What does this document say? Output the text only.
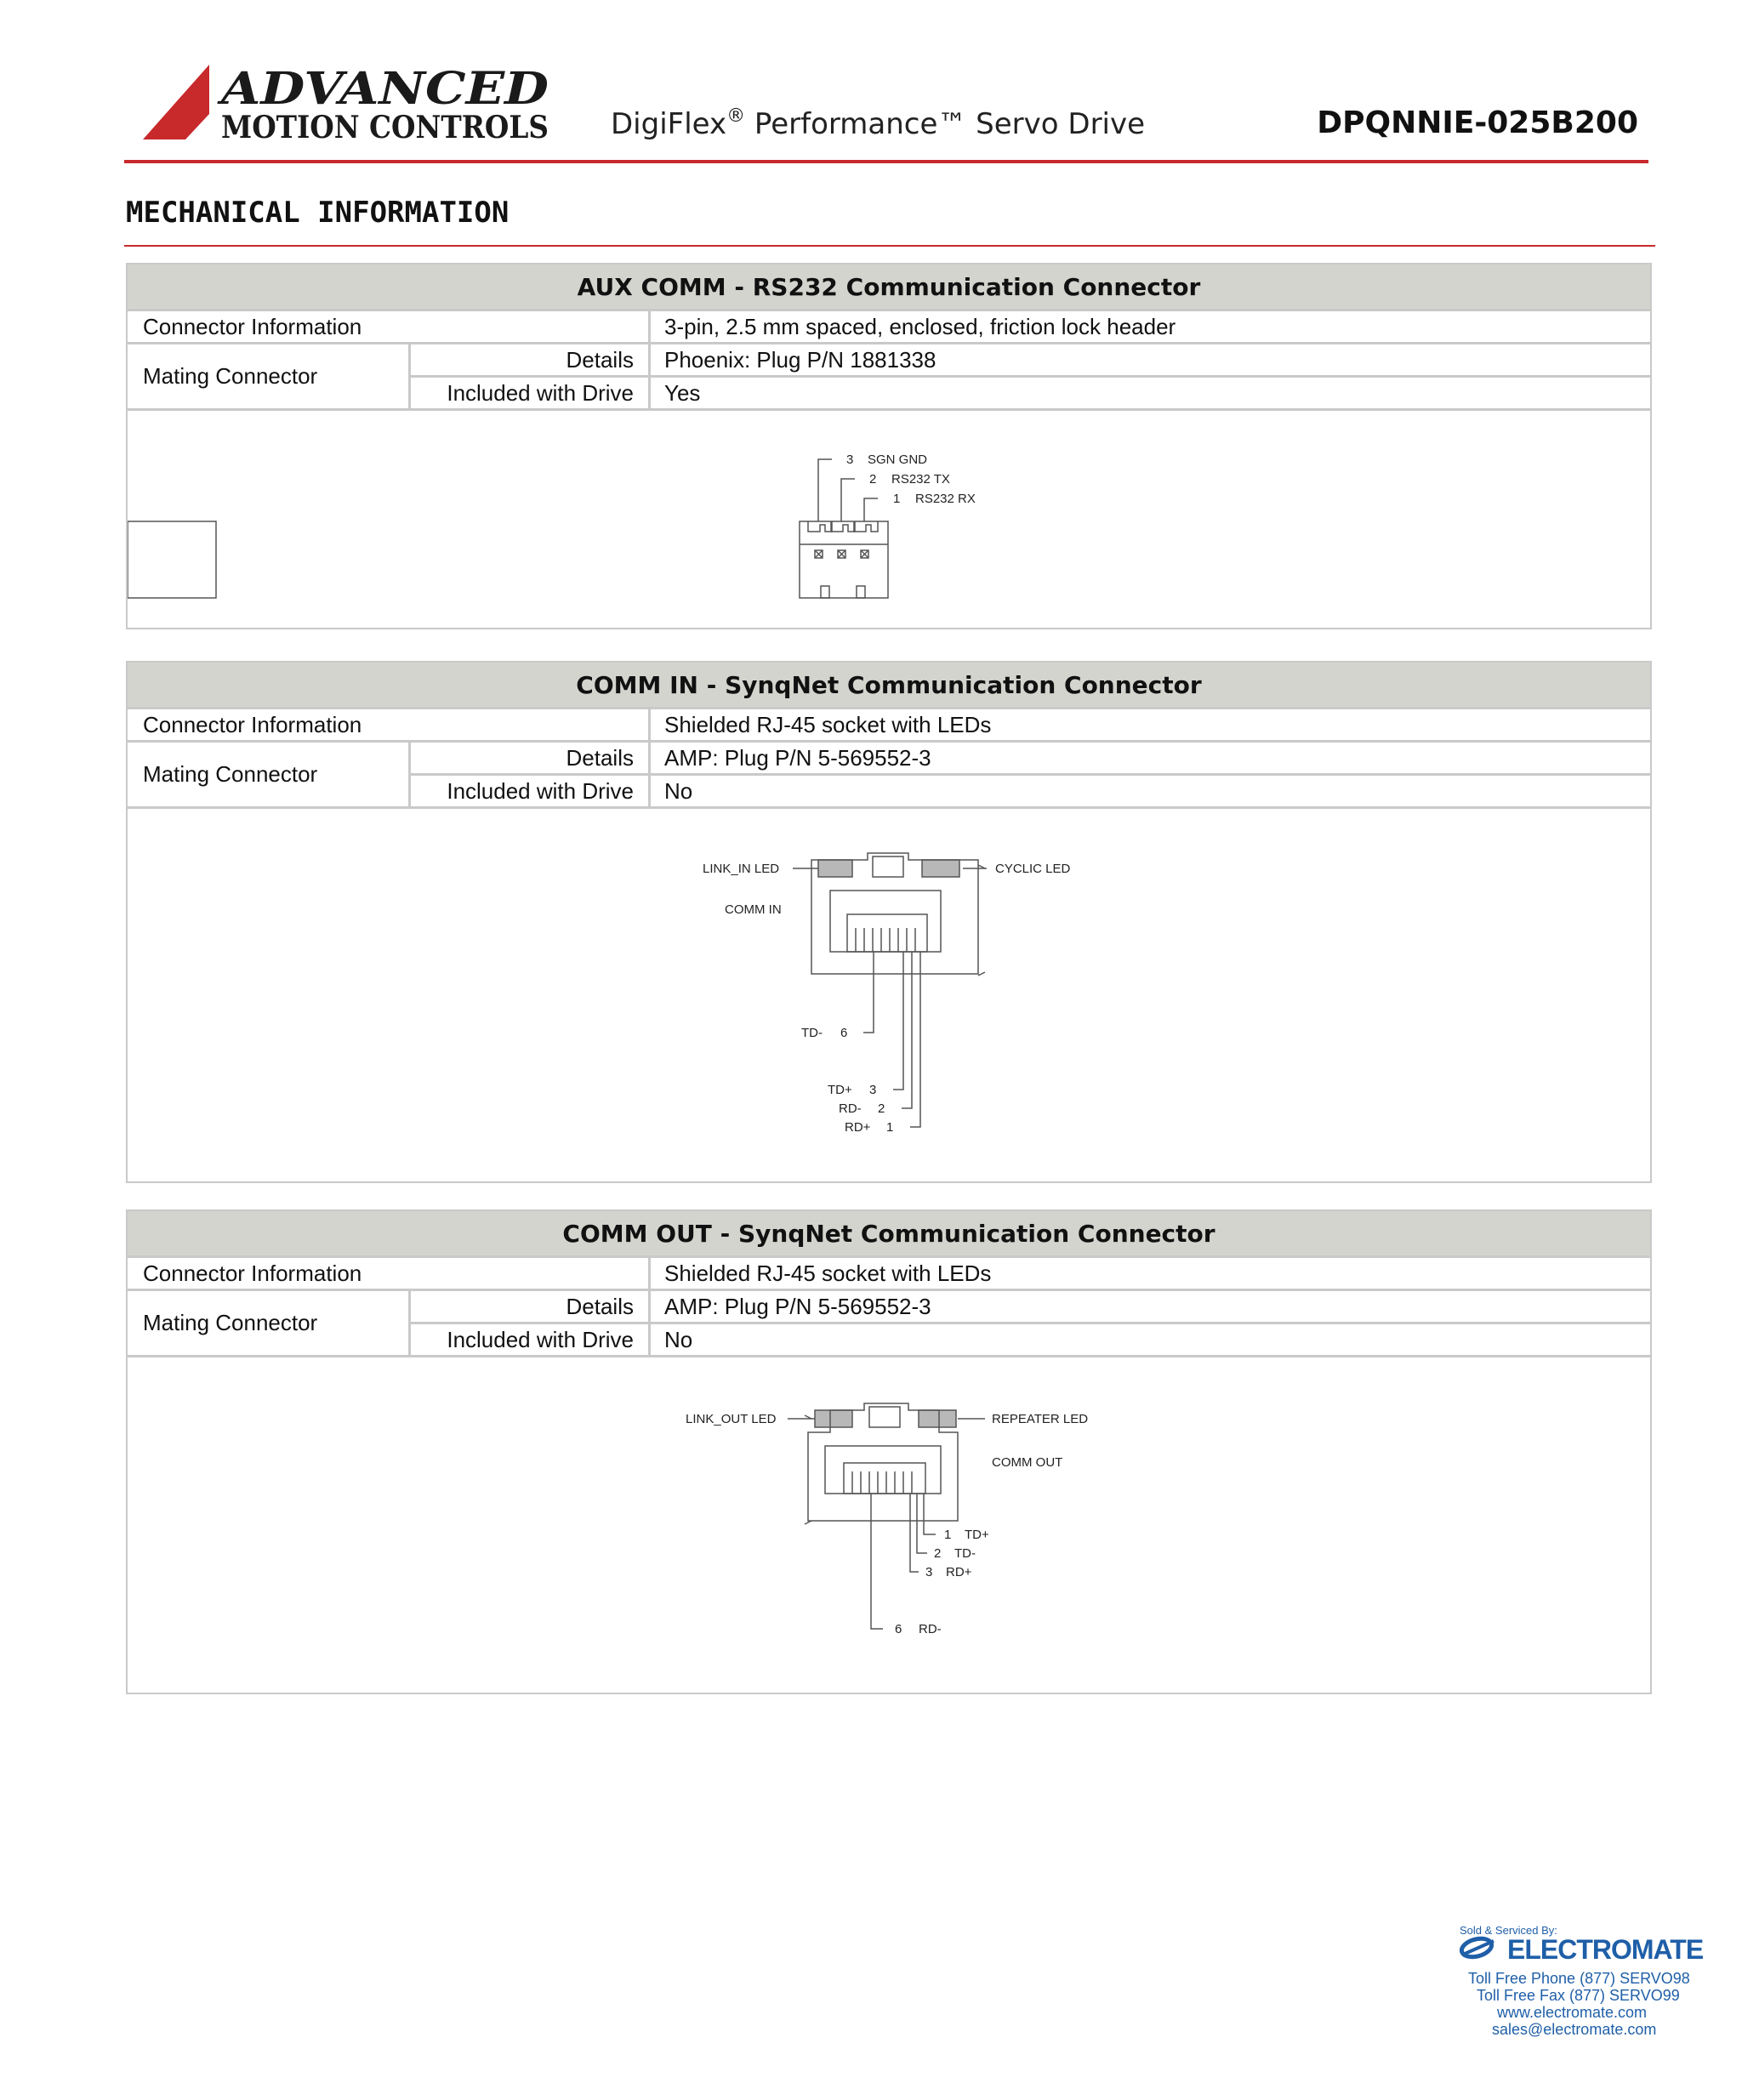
ADVANCED
MOTION CONTROLS DigiFlex® Performance™ Servo Drive	DPQNNIE-025B200
MECHANICAL INFORMATION
AUX COMM - RS232 Communication Connector
Connector Information	3-pin, 2.5 mm spaced, enclosed, friction lock header
Mating Connector
Details	Phoenix: Plug P/N 1881338
Included with Drive	Yes
3 SGN GND
2 RS232 TX
1 RS232 RX
COMM IN - SynqNet Communication Connector
Connector Information	Shielded RJ-45 socket with LEDs
Mating Connector
Details	AMP: Plug P/N 5-569552-3
Included with Drive	No
LINK_IN LED	CYCLIC LED
COMM IN
TD- 6
TD+ 3
RD- 2
RD+ 1
COMM OUT - SynqNet Communication Connector
Connector Information	Shielded RJ-45 socket with LEDs
Mating Connector
Details	AMP: Plug P/N 5-569552-3
Included with Drive	No
LINK_OUT LED	REPEATER LED
COMM OUT
1 TD+
2 TD-
3 RD+
6 RD-
Sold & Serviced By:
ELECTROMATE
Toll Free Phone (877) SERVO98
Toll Free Fax (877) SERVO99
www.electromate.com
sales@electromate.com
